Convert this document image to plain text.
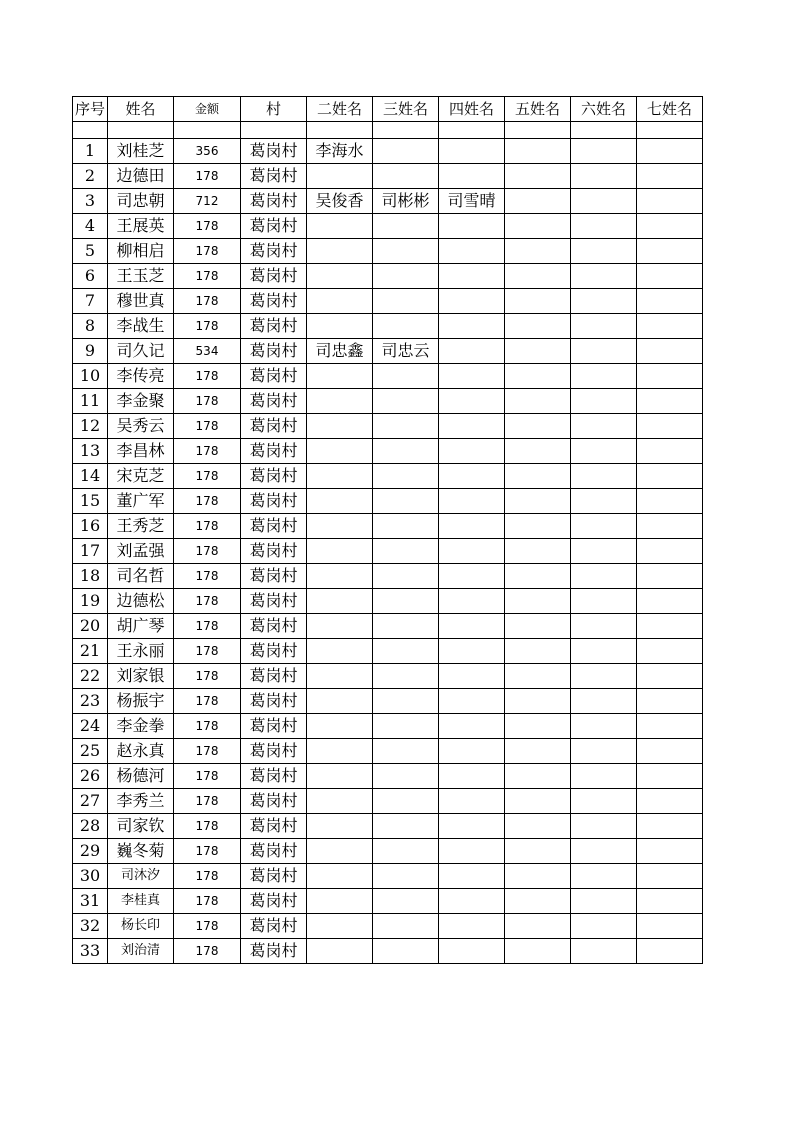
序号	姓名	金额	村	二姓名	三姓名	四姓名	五姓名	六姓名	七姓名

1	刘桂芝	356	葛岗村	李海水					
2	边德田	178	葛岗村						
3	司忠朝	712	葛岗村	吴俊香	司彬彬	司雪晴			
4	王展英	178	葛岗村						
5	柳相启	178	葛岗村						
6	王玉芝	178	葛岗村						
7	穆世真	178	葛岗村						
8	李战生	178	葛岗村						
9	司久记	534	葛岗村	司忠鑫	司忠云				
10	李传亮	178	葛岗村						
11	李金聚	178	葛岗村						
12	吴秀云	178	葛岗村						
13	李昌林	178	葛岗村						
14	宋克芝	178	葛岗村						
15	董广军	178	葛岗村						
16	王秀芝	178	葛岗村						
17	刘孟强	178	葛岗村						
18	司名哲	178	葛岗村						
19	边德松	178	葛岗村						
20	胡广琴	178	葛岗村						
21	王永丽	178	葛岗村						
22	刘家银	178	葛岗村						
23	杨振宇	178	葛岗村						
24	李金拳	178	葛岗村						
25	赵永真	178	葛岗村						
26	杨德河	178	葛岗村						
27	李秀兰	178	葛岗村						
28	司家钦	178	葛岗村						
29	巍冬菊	178	葛岗村						
30	司沐汐	178	葛岗村						
31	李桂真	178	葛岗村						
32	杨长印	178	葛岗村						
33	刘治清	178	葛岗村						
